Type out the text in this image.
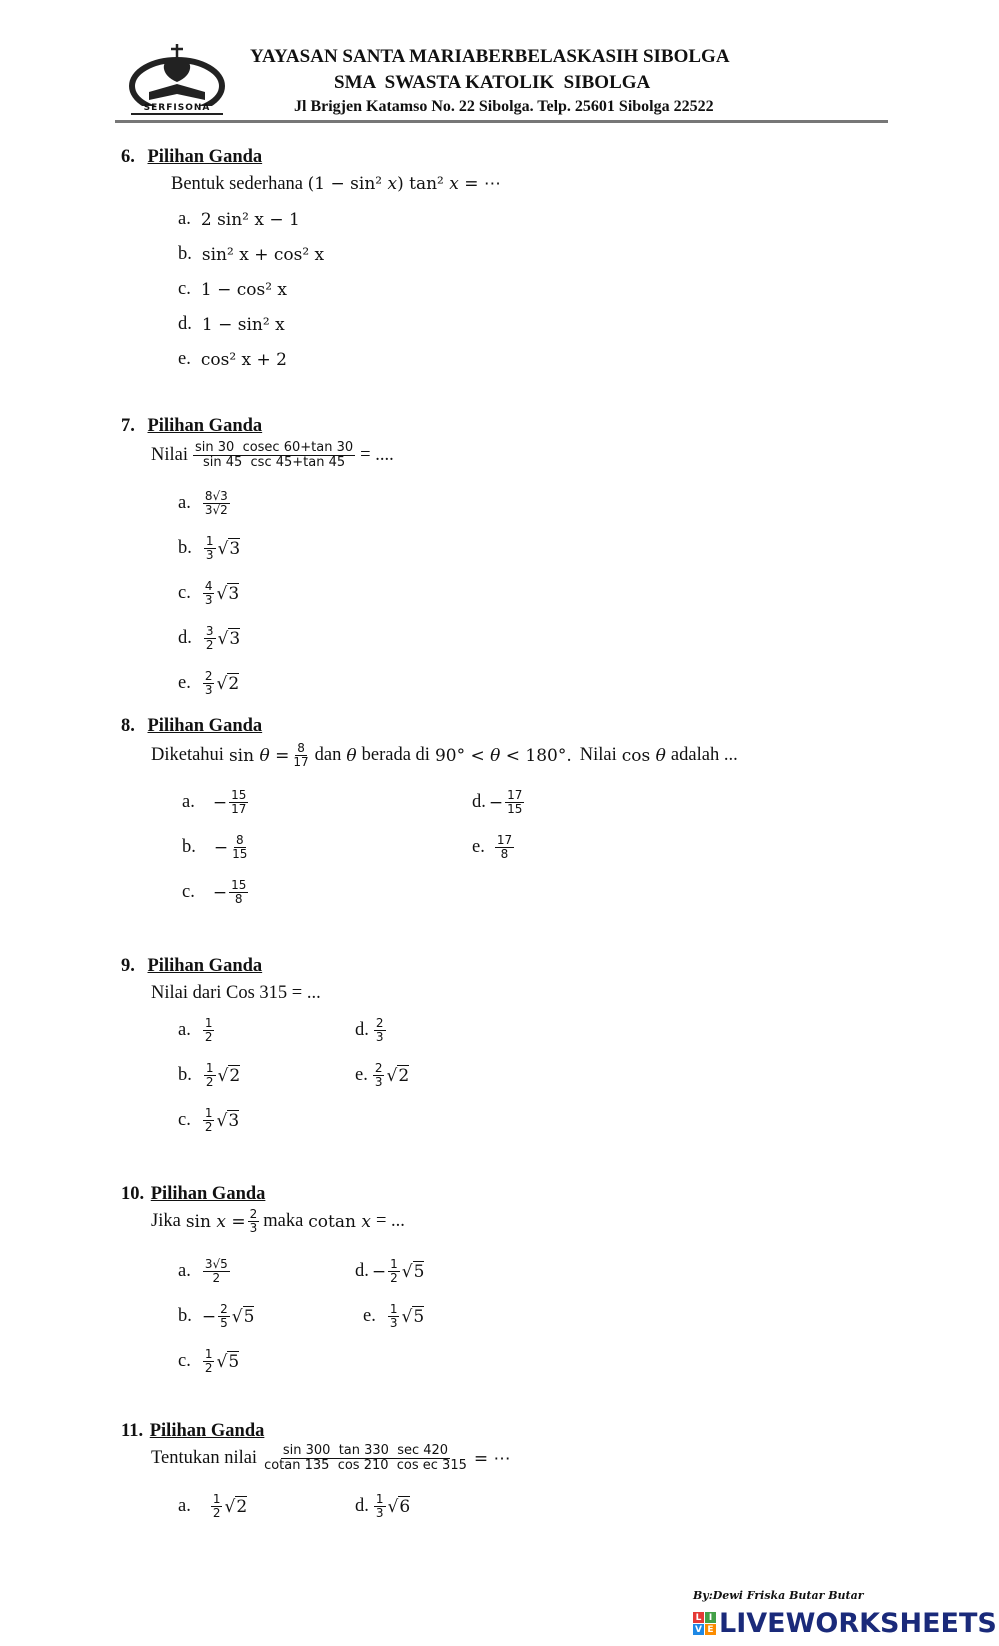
SERFISONA
YAYASAN SANTA MARIABERBELASKASIH SIBOLGA
SMA  SWASTA KATOLIK  SIBOLGA
Jl Brigjen Katamso No. 22 Sibolga. Telp. 25601 Sibolga 22522
6. Pilihan Ganda
Bentuk sederhana (1 − sin² x) tan² x = ⋯
a. 2 sin² x − 1
b. sin² x + cos² x
c. 1 − cos² x
d. 1 − sin² x
e. cos² x + 2
7. Pilihan Ganda
Nilai $\frac{\sin 30 cosec 60+\tan 30}{\sin 45 \csc 45+\tan 45}$ = ....
a. $\frac{8√3}{3√2}$
b. $\frac{1}{3} √3$
c. $\frac{4}{3} √3$
d. $\frac{3}{2} √3$
e. $\frac{2}{3} √2$
8. Pilihan Ganda
Diketahui $\sin \theta = \frac{8}{17}$ dan θ berada di 90° < θ < 180°. Nilai cos θ adalah ...
a. − $\frac{15}{17}$
b. − $\frac{8}{15}$
c. − $\frac{15}{8}$
d. − $\frac{17}{15}$
e. $\frac{17}{8}$
9. Pilihan Ganda
Nilai dari Cos 315 = ...
a. $\frac{1}{2}$
b. $\frac{1}{2} √2$
c. $\frac{1}{2} √3$
d. $\frac{2}{3}$
e. $\frac{2}{3} √2$
10. Pilihan Ganda
Jika $\sin x = \frac{2}{3}$ maka cotan x = ...
a. $\frac{3√5}{2}$
b. − $\frac{2}{5} √5$
c. $\frac{1}{2} √5$
d. − $\frac{1}{2} √5$
e. $\frac{1}{3} √5$
11. Pilihan Ganda
Tentukan nilai $\frac{\sin 300 \tan 330 \sec 420}{\text{cotan 135  cos 210  cos ec 315}}$ = ⋯
a. $\frac{1}{2} √2$	d. $\frac{1}{3} √6$
By:Dewi Friska Butar Butar
L I
V E LIVEWORKSHEETS
